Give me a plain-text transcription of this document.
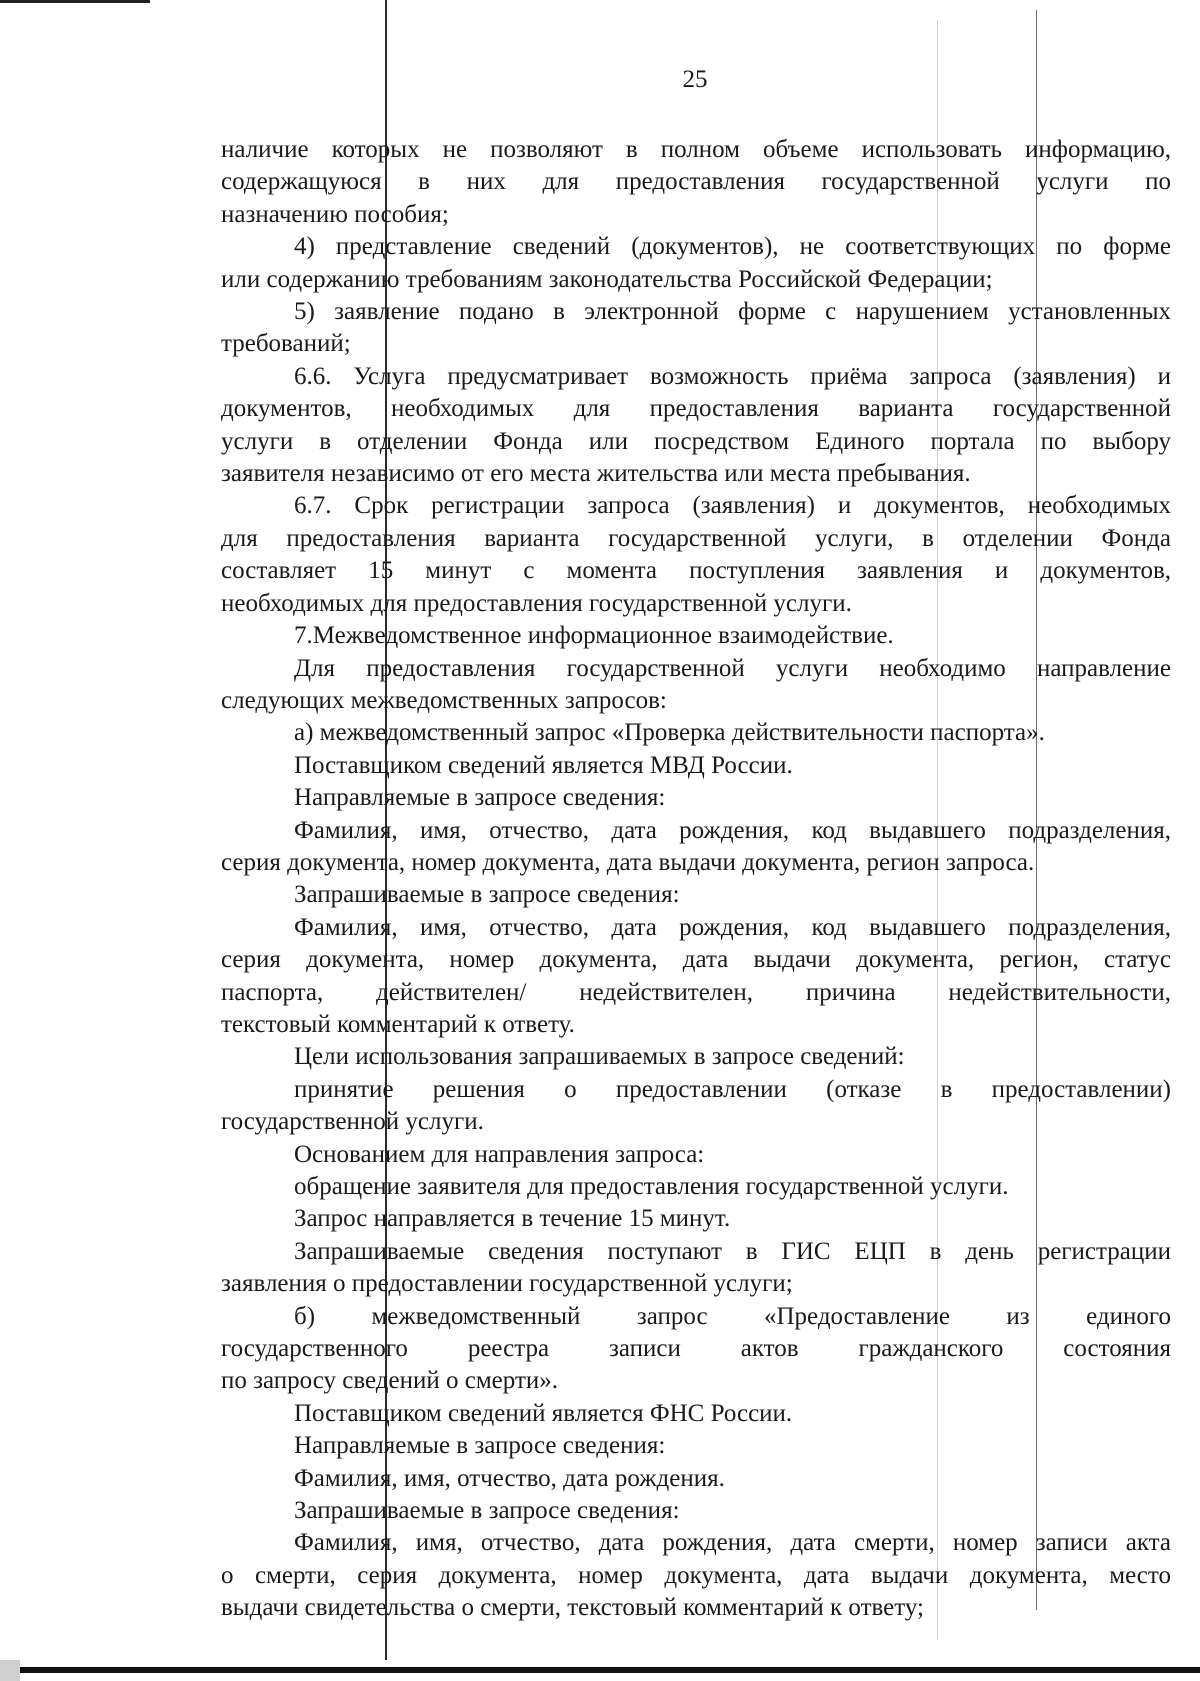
25

наличие которых не позволяют в полном объеме использовать информацию,

содержащуюся в них для предоставления государственной услуги по

назначению пособия;

4) представление сведений (документов), не соответствующих по форме

или содержанию требованиям законодательства Российской Федерации;

5) заявление подано в электронной форме с нарушением установленных

требований;

6.6. Услуга предусматривает возможность приёма запроса (заявления) и

документов, необходимых для предоставления варианта государственной

услуги в отделении Фонда или посредством Единого портала по выбору

заявителя независимо от его места жительства или места пребывания.

6.7. Срок регистрации запроса (заявления) и документов, необходимых

для предоставления варианта государственной услуги, в отделении Фонда

составляет 15 минут с момента поступления заявления и документов,

необходимых для предоставления государственной услуги.

7.Межведомственное информационное взаимодействие.

Для предоставления государственной услуги необходимо направление

следующих межведомственных запросов:

а) межведомственный запрос «Проверка действительности паспорта».

Поставщиком сведений является МВД России.

Направляемые в запросе сведения:

Фамилия, имя, отчество, дата рождения, код выдавшего подразделения,

серия документа, номер документа, дата выдачи документа, регион запроса.

Запрашиваемые в запросе сведения:

Фамилия, имя, отчество, дата рождения, код выдавшего подразделения,

серия документа, номер документа, дата выдачи документа, регион, статус

паспорта, действителен/ недействителен, причина недействительности,

текстовый комментарий к ответу.

Цели использования запрашиваемых в запросе сведений:

принятие решения о предоставлении (отказе в предоставлении)

государственной услуги.

Основанием для направления запроса:

обращение заявителя для предоставления государственной услуги.

Запрос направляется в течение 15 минут.

Запрашиваемые сведения поступают в ГИС ЕЦП в день регистрации

заявления о предоставлении государственной услуги;

б) межведомственный запрос «Предоставление из единого

государственного реестра записи актов гражданского состояния

по запросу сведений о смерти».

Поставщиком сведений является ФНС России.

Направляемые в запросе сведения:

Фамилия, имя, отчество, дата рождения.

Запрашиваемые в запросе сведения:

Фамилия, имя, отчество, дата рождения, дата смерти, номер записи акта

о смерти, серия документа, номер документа, дата выдачи документа, место

выдачи свидетельства о смерти, текстовый комментарий к ответу;
